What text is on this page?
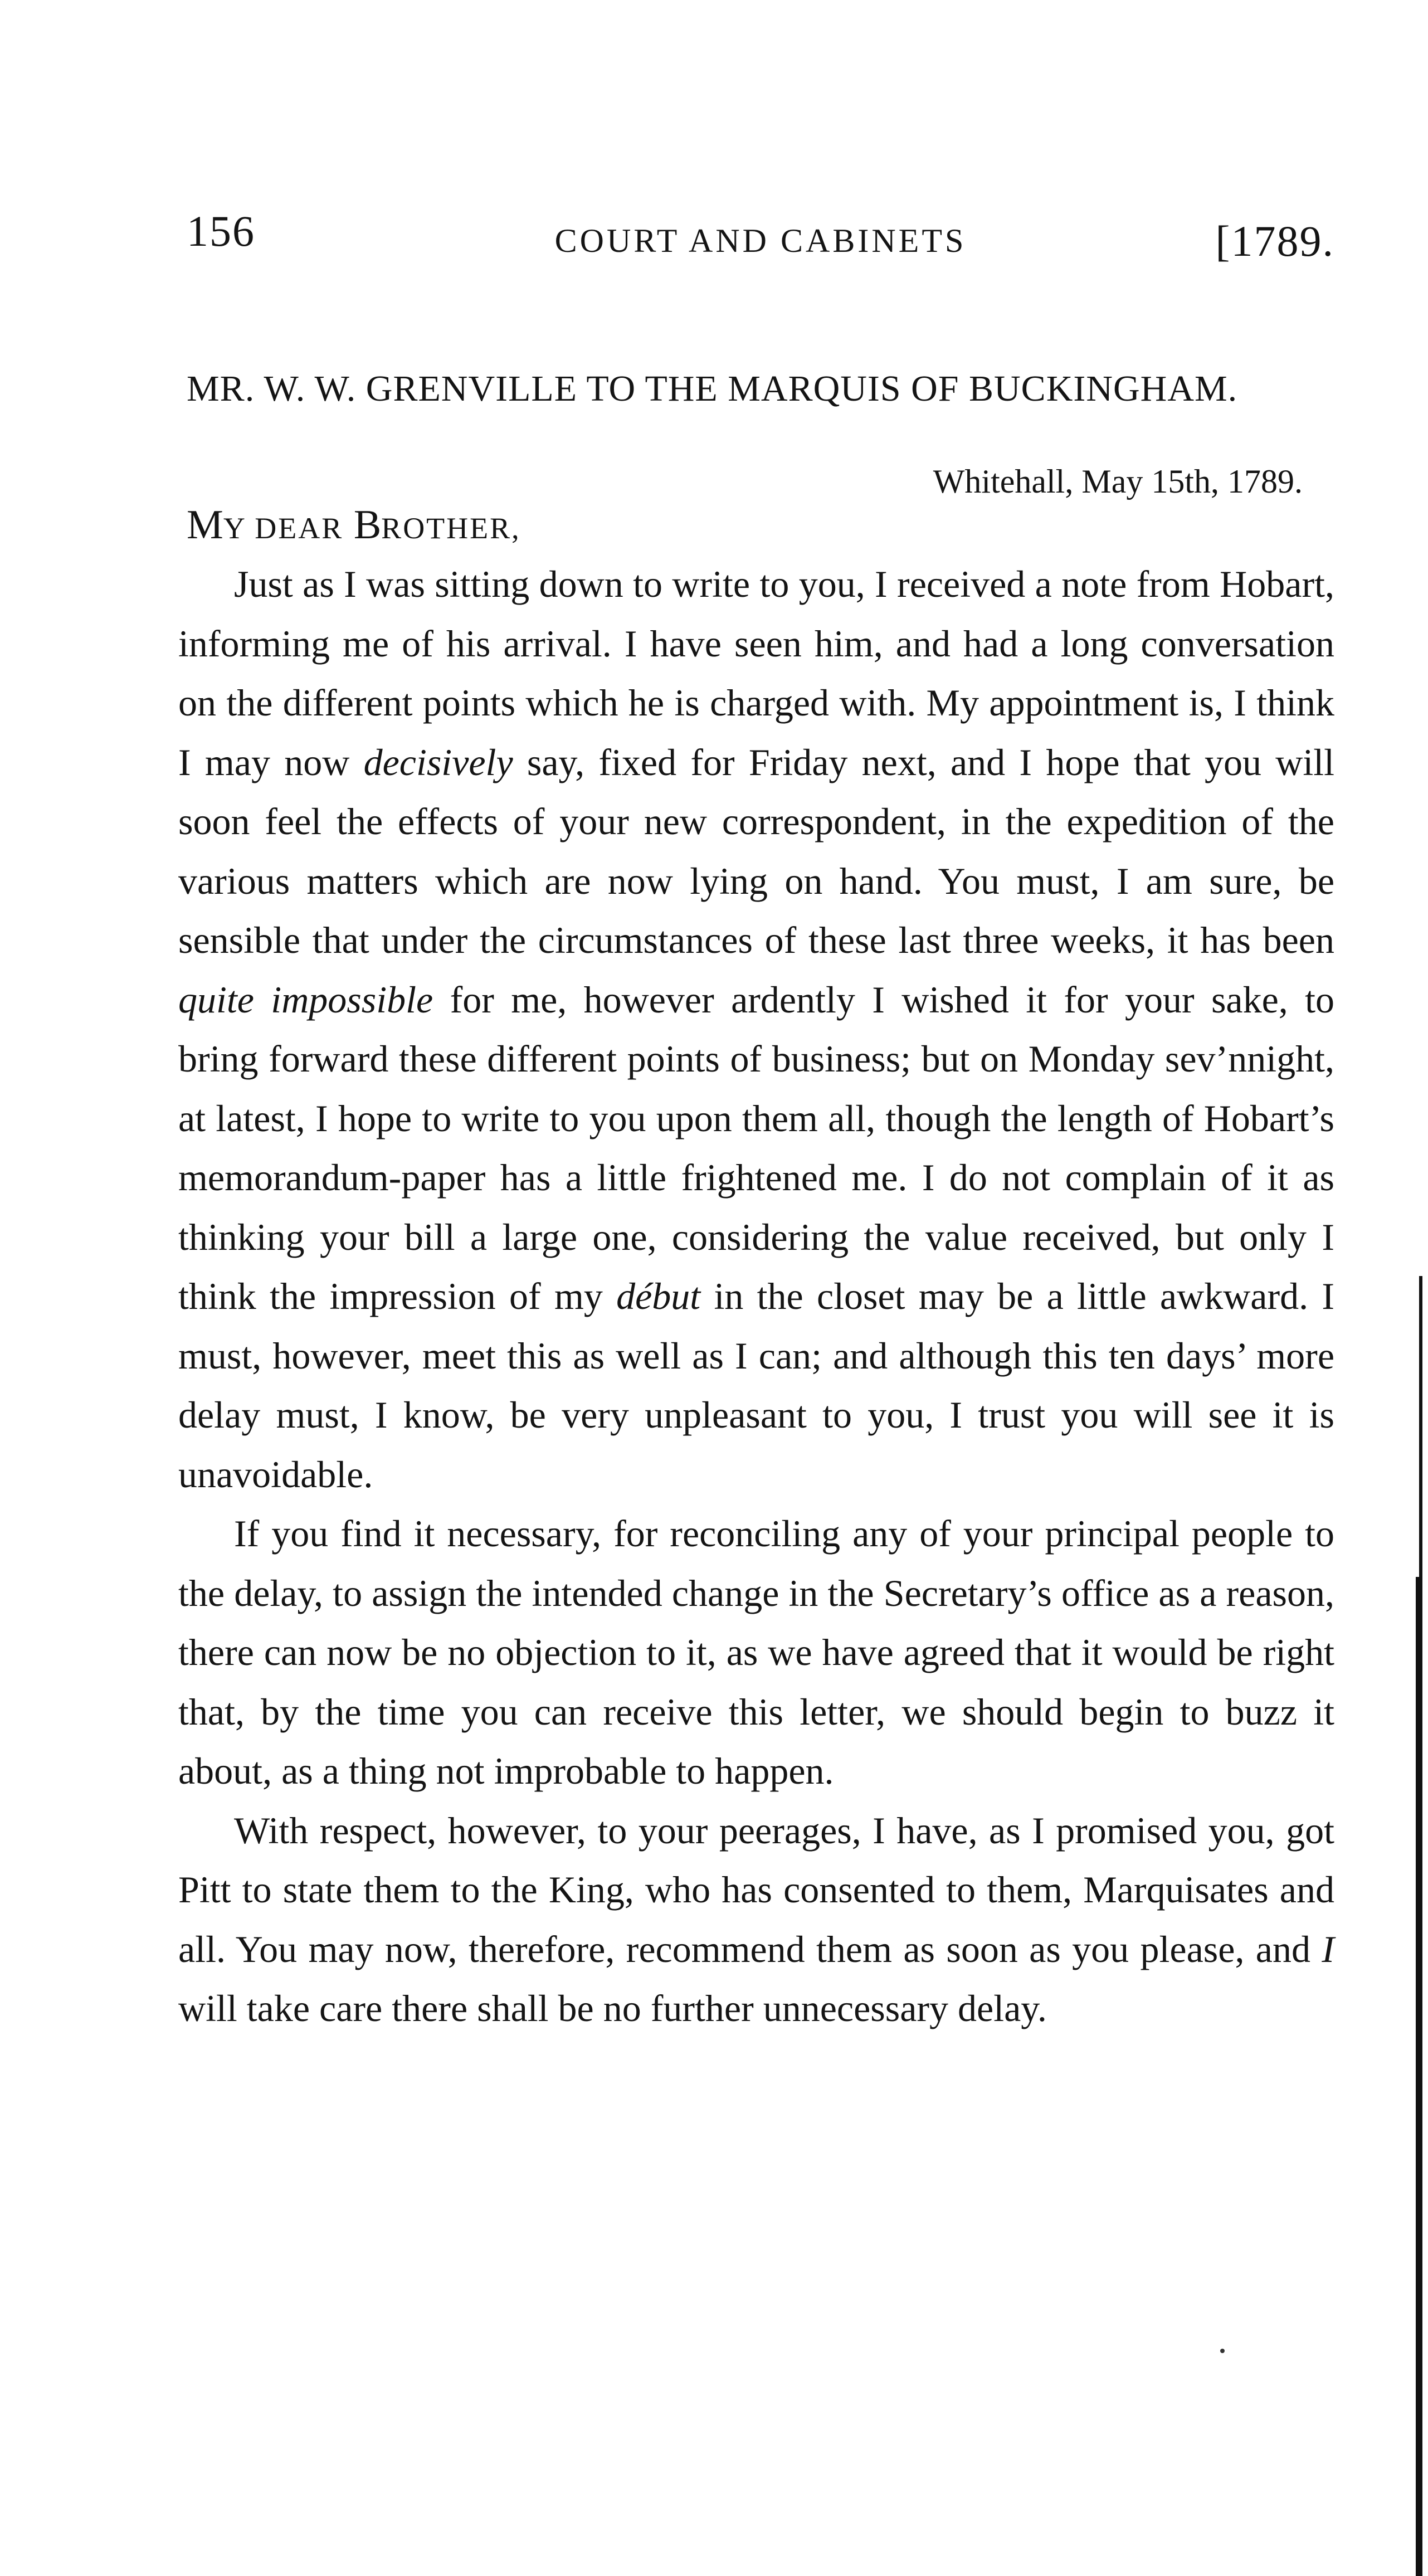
156	COURT AND CABINETS	[1789.
MR. W. W. GRENVILLE TO THE MARQUIS OF BUCKINGHAM.
Whitehall, May 15th, 1789.
MY DEAR BROTHER,

Just as I was sitting down to write to you, I received a note from Hobart, informing me of his arrival. I have seen him, and had a long conversation on the different points which he is charged with. My appointment is, I think I may now decisively say, fixed for Friday next, and I hope that you will soon feel the effects of your new correspondent, in the expedition of the various matters which are now lying on hand. You must, I am sure, be sensible that under the circumstances of these last three weeks, it has been quite impossible for me, however ardently I wished it for your sake, to bring forward these different points of business; but on Monday sev’nnight, at latest, I hope to write to you upon them all, though the length of Hobart’s memorandum-paper has a little frightened me. I do not complain of it as thinking your bill a large one, considering the value received, but only I think the impression of my début in the closet may be a little awkward. I must, however, meet this as well as I can; and although this ten days’ more delay must, I know, be very unpleasant to you, I trust you will see it is unavoidable.

If you find it necessary, for reconciling any of your principal people to the delay, to assign the intended change in the Secretary’s office as a reason, there can now be no objection to it, as we have agreed that it would be right that, by the time you can receive this letter, we should begin to buzz it about, as a thing not improbable to happen.

With respect, however, to your peerages, I have, as I promised you, got Pitt to state them to the King, who has consented to them, Marquisates and all. You may now, therefore, recommend them as soon as you please, and I will take care there shall be no further unnecessary delay.
